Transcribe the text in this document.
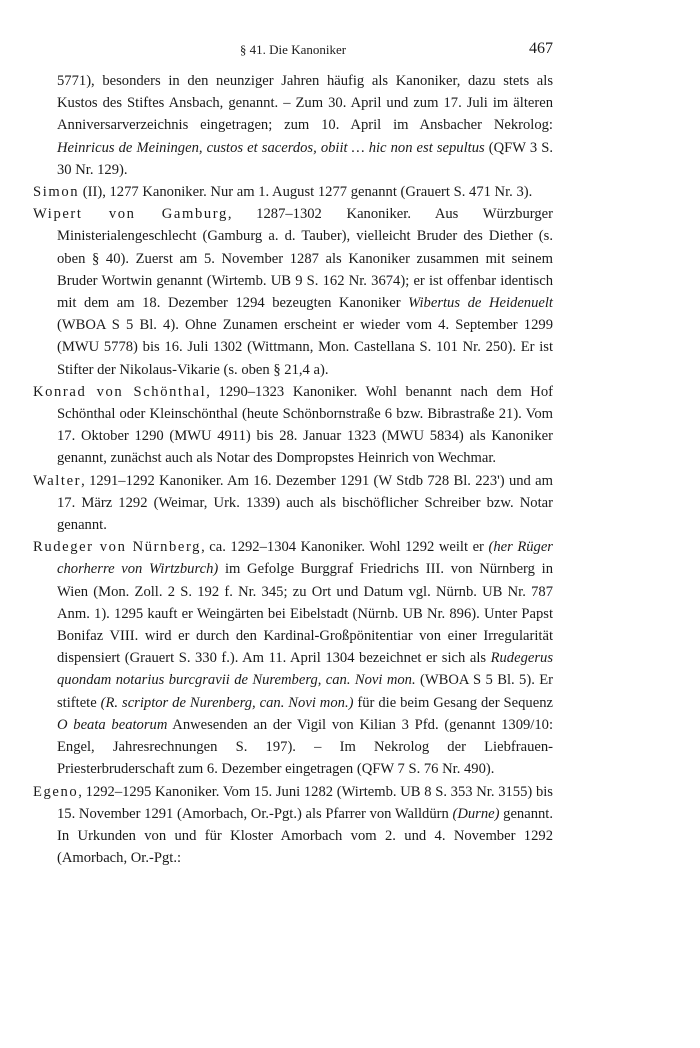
§ 41. Die Kanoniker	467

5771), besonders in den neunziger Jahren häufig als Kanoniker, dazu stets als Kustos des Stiftes Ansbach, genannt. – Zum 30. April und zum 17. Juli im älteren Anniversarverzeichnis eingetragen; zum 10. April im Ansbacher Nekrolog: Heinricus de Meiningen, custos et sacerdos, obiit … hic non est sepultus (QFW 3 S. 30 Nr. 129).

Simon (II), 1277 Kanoniker. Nur am 1. August 1277 genannt (Grauert S. 471 Nr. 3).

Wipert von Gamburg, 1287–1302 Kanoniker. Aus Würzburger Ministerialengeschlecht (Gamburg a. d. Tauber), vielleicht Bruder des Diether (s. oben § 40). Zuerst am 5. November 1287 als Kanoniker zusammen mit seinem Bruder Wortwin genannt (Wirtemb. UB 9 S. 162 Nr. 3674); er ist offenbar identisch mit dem am 18. Dezember 1294 bezeugten Kanoniker Wibertus de Heidenuelt (WBOA S 5 Bl. 4). Ohne Zunamen erscheint er wieder vom 4. September 1299 (MWU 5778) bis 16. Juli 1302 (Wittmann, Mon. Castellana S. 101 Nr. 250). Er ist Stifter der Nikolaus-Vikarie (s. oben § 21,4 a).

Konrad von Schönthal, 1290–1323 Kanoniker. Wohl benannt nach dem Hof Schönthal oder Kleinschönthal (heute Schönbornstraße 6 bzw. Bibrastraße 21). Vom 17. Oktober 1290 (MWU 4911) bis 28. Januar 1323 (MWU 5834) als Kanoniker genannt, zunächst auch als Notar des Dompropstes Heinrich von Wechmar.

Walter, 1291–1292 Kanoniker. Am 16. Dezember 1291 (W Stdb 728 Bl. 223') und am 17. März 1292 (Weimar, Urk. 1339) auch als bischöflicher Schreiber bzw. Notar genannt.

Rudeger von Nürnberg, ca. 1292–1304 Kanoniker. Wohl 1292 weilt er (her Rüger chorherre von Wirtzburch) im Gefolge Burggraf Friedrichs III. von Nürnberg in Wien (Mon. Zoll. 2 S. 192 f. Nr. 345; zu Ort und Datum vgl. Nürnb. UB Nr. 787 Anm. 1). 1295 kauft er Weingärten bei Eibelstadt (Nürnb. UB Nr. 896). Unter Papst Bonifaz VIII. wird er durch den Kardinal-Großpönitentiar von einer Irregularität dispensiert (Grauert S. 330 f.). Am 11. April 1304 bezeichnet er sich als Rudegerus quondam notarius burcgravii de Nuremberg, can. Novi mon. (WBOA S 5 Bl. 5). Er stiftete (R. scriptor de Nurenberg, can. Novi mon.) für die beim Gesang der Sequenz O beata beatorum Anwesenden an der Vigil von Kilian 3 Pfd. (genannt 1309/10: Engel, Jahresrechnungen S. 197). – Im Nekrolog der Liebfrauen-Priesterbruderschaft zum 6. Dezember eingetragen (QFW 7 S. 76 Nr. 490).

Egeno, 1292–1295 Kanoniker. Vom 15. Juni 1282 (Wirtemb. UB 8 S. 353 Nr. 3155) bis 15. November 1291 (Amorbach, Or.-Pgt.) als Pfarrer von Walldürn (Durne) genannt. In Urkunden von und für Kloster Amorbach vom 2. und 4. November 1292 (Amorbach, Or.-Pgt.:
